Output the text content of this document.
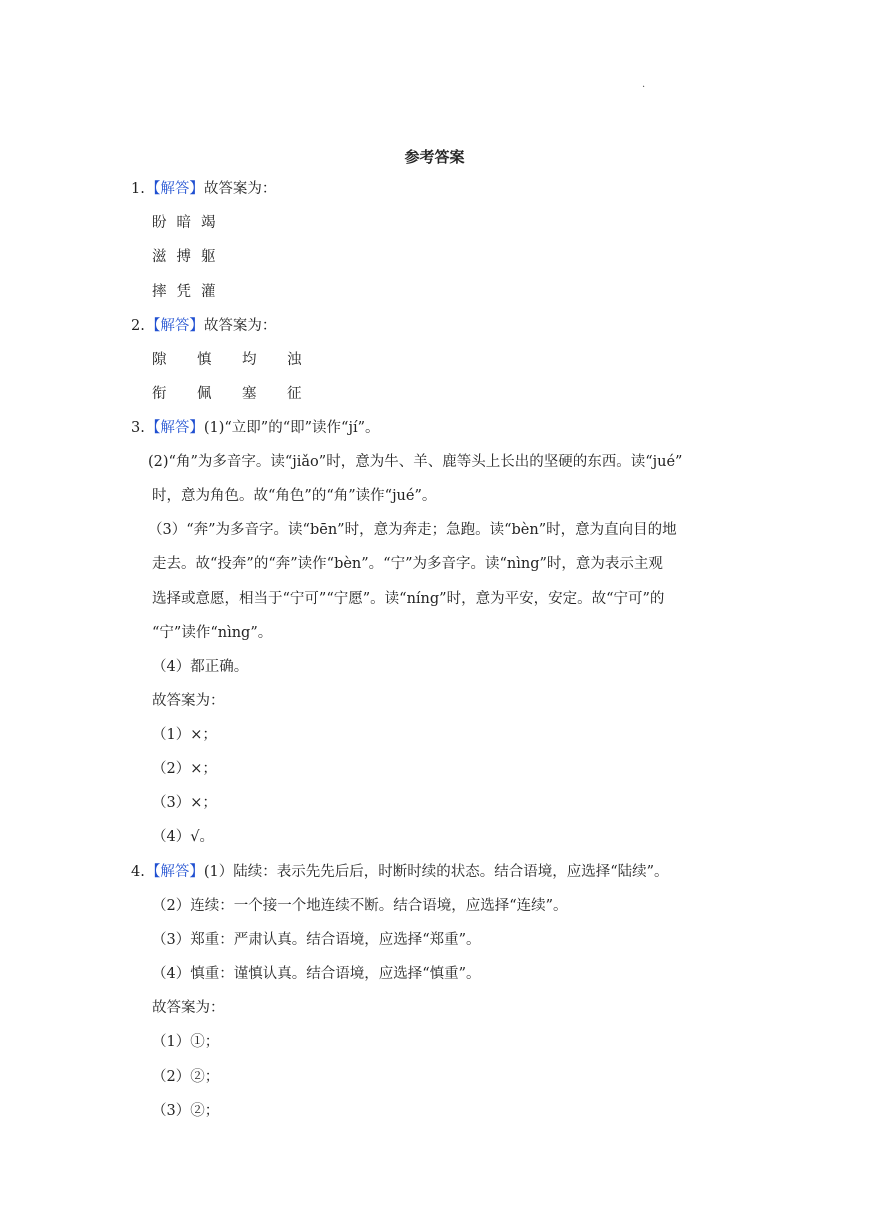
·
参考答案
1.【解答】故答案为：
盼 暗 竭
滋 搏 躯
摔 凭 灌
2.【解答】故答案为：
隙 慎 均 浊
衔 佩 塞 征
3.【解答】(1)“立即”的“即”读作“jí”。
(2)“角”为多音字。读“jiǎo”时，意为牛、羊、鹿等头上长出的坚硬的东西。读“jué”
时，意为角色。故“角色”的“角”读作“jué”。
（3）“奔”为多音字。读“bēn”时，意为奔走；急跑。读“bèn”时，意为直向目的地
走去。故“投奔”的“奔”读作“bèn”。“宁”为多音字。读“nìng”时，意为表示主观
选择或意愿，相当于“宁可”“宁愿”。读“níng”时，意为平安，安定。故“宁可”的
“宁”读作“nìng”。
（4）都正确。
故答案为：
（1）×；
（2）×；
（3）×；
（4）√。
4.【解答】(1）陆续：表示先先后后，时断时续的状态。结合语境，应选择“陆续”。
（2）连续：一个接一个地连续不断。结合语境，应选择“连续”。
（3）郑重：严肃认真。结合语境，应选择“郑重”。
（4）慎重：谨慎认真。结合语境，应选择“慎重”。
故答案为：
（1）①；
（2）②；
（3）②；
